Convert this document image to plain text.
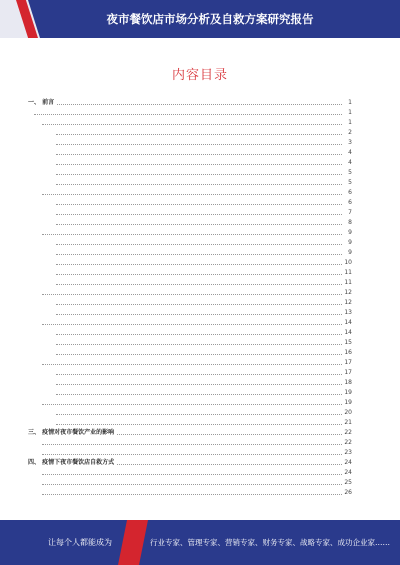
夜市餐饮店市场分析及自救方案研究报告
内容目录
一、 前言	1
1
1
2
3
4
4
5
5
6
6
7
8
9
9
9
10
11
11
12
12
13
14
14
15
16
17
17
18
19
19
20
21
三、 疫情对夜市餐饮产业的影响	22
22
23
四、 疫情下夜市餐饮店自救方式	24
24
25
26
让每个人都能成为	行业专家、管理专家、营销专家、财务专家、战略专家、成功企业家……
